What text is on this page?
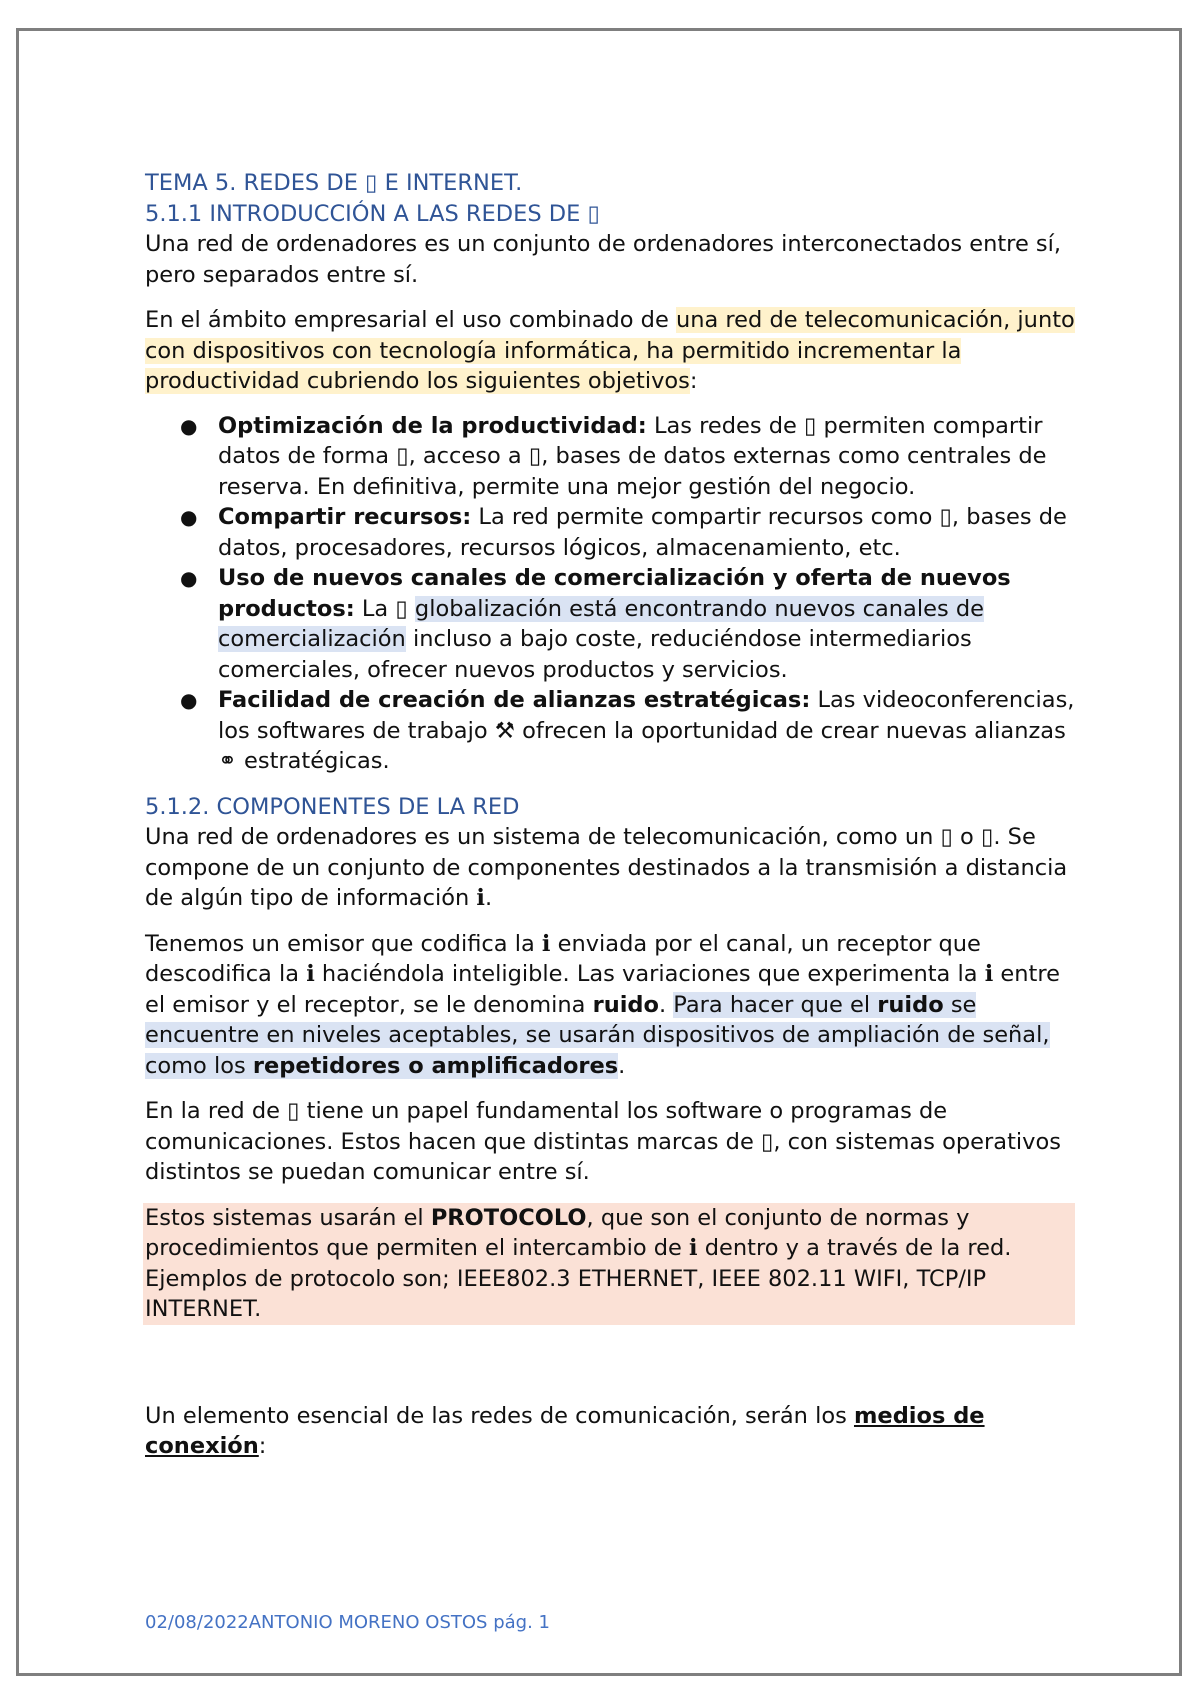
TEMA 5. REDES DE ▯ E INTERNET.

5.1.1 INTRODUCCIÓN A LAS REDES DE ▯

Una red de ordenadores es un conjunto de ordenadores interconectados entre sí, pero separados entre sí.

En el ámbito empresarial el uso combinado de una red de telecomunicación, junto con dispositivos con tecnología informática, ha permitido incrementar la productividad cubriendo los siguientes objetivos:

● Optimización de la productividad: Las redes de ▯ permiten compartir datos de forma ▯, acceso a ▯, bases de datos externas como centrales de reserva. En definitiva, permite una mejor gestión del negocio.
● Compartir recursos: La red permite compartir recursos como ▯, bases de datos, procesadores, recursos lógicos, almacenamiento, etc.
● Uso de nuevos canales de comercialización y oferta de nuevos productos: La ▯ globalización está encontrando nuevos canales de comercialización incluso a bajo coste, reduciéndose intermediarios comerciales, ofrecer nuevos productos y servicios.
● Facilidad de creación de alianzas estratégicas: Las videoconferencias, los softwares de trabajo ⚒ ofrecen la oportunidad de crear nuevas alianzas ⚭ estratégicas.

5.1.2. COMPONENTES DE LA RED

Una red de ordenadores es un sistema de telecomunicación, como un ▯ o ▯. Se compone de un conjunto de componentes destinados a la transmisión a distancia de algún tipo de información ℹ.

Tenemos un emisor que codifica la ℹ enviada por el canal, un receptor que descodifica la ℹ haciéndola inteligible. Las variaciones que experimenta la ℹ entre el emisor y el receptor, se le denomina ruido. Para hacer que el ruido se encuentre en niveles aceptables, se usarán dispositivos de ampliación de señal, como los repetidores o amplificadores.

En la red de ▯ tiene un papel fundamental los software o programas de comunicaciones. Estos hacen que distintas marcas de ▯, con sistemas operativos distintos se puedan comunicar entre sí.

Estos sistemas usarán el PROTOCOLO, que son el conjunto de normas y procedimientos que permiten el intercambio de ℹ dentro y a través de la red. Ejemplos de protocolo son; IEEE802.3 ETHERNET, IEEE 802.11 WIFI, TCP/IP INTERNET.

Un elemento esencial de las redes de comunicación, serán los medios de conexión:

02/08/2022ANTONIO MORENO OSTOS pág. 1
